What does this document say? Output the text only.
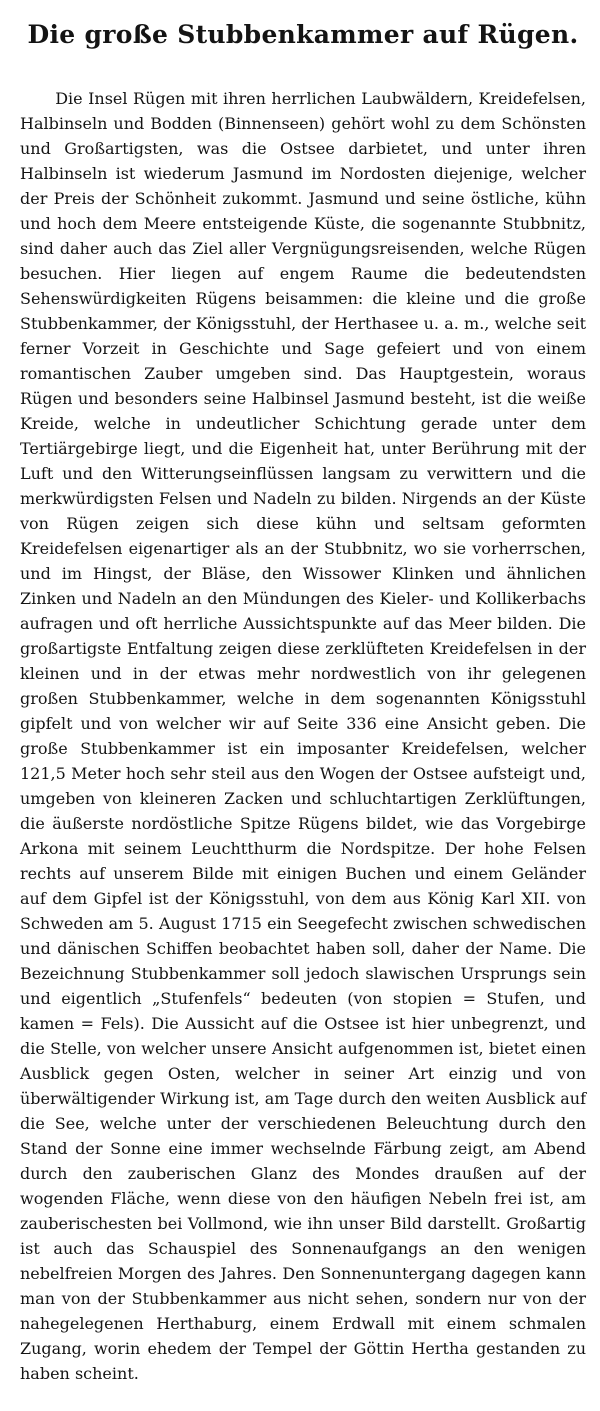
Die große Stubbenkammer auf Rügen.

Die Insel Rügen mit ihren herrlichen Laubwäldern, Kreidefelsen, Halbinseln und Bodden (Binnenseen) gehört wohl zu dem Schönsten und Großartigsten, was die Ostsee darbietet, und unter ihren Halbinseln ist wiederum Jasmund im Nordosten diejenige, welcher der Preis der Schönheit zukommt. Jasmund und seine östliche, kühn und hoch dem Meere entsteigende Küste, die sogenannte Stubbnitz, sind daher auch das Ziel aller Vergnügungsreisenden, welche Rügen besuchen. Hier liegen auf engem Raume die bedeutendsten Sehenswürdigkeiten Rügens beisammen: die kleine und die große Stubbenkammer, der Königsstuhl, der Herthasee u. a. m., welche seit ferner Vorzeit in Geschichte und Sage gefeiert und von einem romantischen Zauber umgeben sind. Das Hauptgestein, woraus Rügen und besonders seine Halbinsel Jasmund besteht, ist die weiße Kreide, welche in undeutlicher Schichtung gerade unter dem Tertiärgebirge liegt, und die Eigenheit hat, unter Berührung mit der Luft und den Witterungseinflüssen langsam zu verwittern und die merkwürdigsten Felsen und Nadeln zu bilden. Nirgends an der Küste von Rügen zeigen sich diese kühn und seltsam geformten Kreidefelsen eigenartiger als an der Stubbnitz, wo sie vorherrschen, und im Hingst, der Bläse, den Wissower Klinken und ähnlichen Zinken und Nadeln an den Mündungen des Kieler- und Kollikerbachs aufragen und oft herrliche Aussichtspunkte auf das Meer bilden. Die großartigste Entfaltung zeigen diese zerklüfteten Kreidefelsen in der kleinen und in der etwas mehr nordwestlich von ihr gelegenen großen Stubbenkammer, welche in dem sogenannten Königsstuhl gipfelt und von welcher wir auf Seite 336 eine Ansicht geben. Die große Stubbenkammer ist ein imposanter Kreidefelsen, welcher 121,5 Meter hoch sehr steil aus den Wogen der Ostsee aufsteigt und, umgeben von kleineren Zacken und schluchtartigen Zerklüftungen, die äußerste nordöstliche Spitze Rügens bildet, wie das Vorgebirge Arkona mit seinem Leuchtthurm die Nordspitze. Der hohe Felsen rechts auf unserem Bilde mit einigen Buchen und einem Geländer auf dem Gipfel ist der Königsstuhl, von dem aus König Karl XII. von Schweden am 5. August 1715 ein Seegefecht zwischen schwedischen und dänischen Schiffen beobachtet haben soll, daher der Name. Die Bezeichnung Stubbenkammer soll jedoch slawischen Ursprungs sein und eigentlich „Stufenfels“ bedeuten (von stopien = Stufen, und kamen = Fels). Die Aussicht auf die Ostsee ist hier unbegrenzt, und die Stelle, von welcher unsere Ansicht aufgenommen ist, bietet einen Ausblick gegen Osten, welcher in seiner Art einzig und von überwältigender Wirkung ist, am Tage durch den weiten Ausblick auf die See, welche unter der verschiedenen Beleuchtung durch den Stand der Sonne eine immer wechselnde Färbung zeigt, am Abend durch den zauberischen Glanz des Mondes draußen auf der wogenden Fläche, wenn diese von den häufigen Nebeln frei ist, am zauberischesten bei Vollmond, wie ihn unser Bild darstellt. Großartig ist auch das Schauspiel des Sonnenaufgangs an den wenigen nebelfreien Morgen des Jahres. Den Sonnenuntergang dagegen kann man von der Stubbenkammer aus nicht sehen, sondern nur von der nahegelegenen Herthaburg, einem Erdwall mit einem schmalen Zugang, worin ehedem der Tempel der Göttin Hertha gestanden zu haben scheint.
